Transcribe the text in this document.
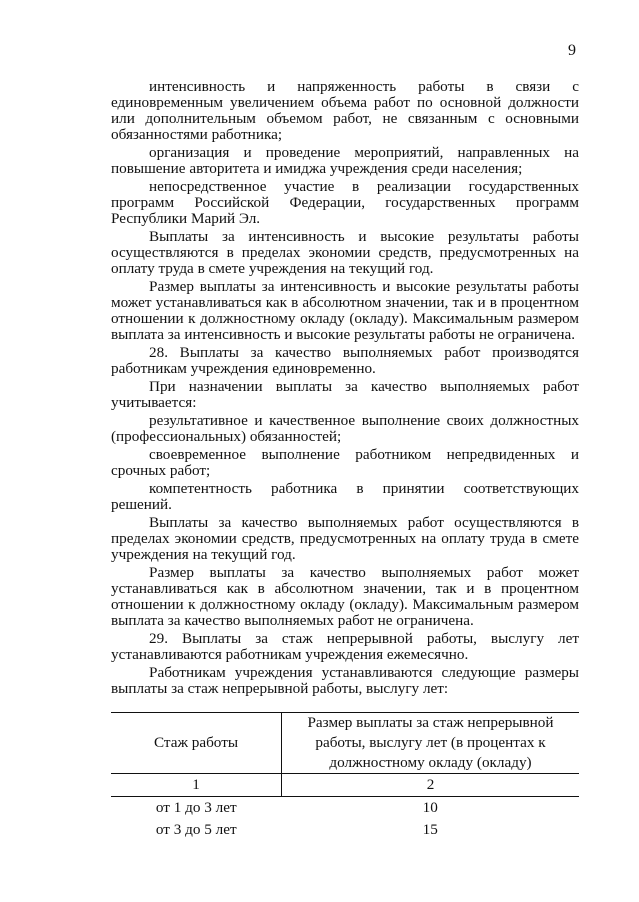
9

интенсивность и напряженность работы в связи с единовременным увеличением объема работ по основной должности или дополнительным объемом работ, не связанным с основными обязанностями работника;

организация и проведение мероприятий, направленных на повышение авторитета и имиджа учреждения среди населения;

непосредственное участие в реализации государственных программ Российской Федерации, государственных программ Республики Марий Эл.

Выплаты за интенсивность и высокие результаты работы осуществляются в пределах экономии средств, предусмотренных на оплату труда в смете учреждения на текущий год.

Размер выплаты за интенсивность и высокие результаты работы может устанавливаться как в абсолютном значении, так и в процентном отношении к должностному окладу (окладу). Максимальным размером выплата за интенсивность и высокие результаты работы не ограничена.

28. Выплаты за качество выполняемых работ производятся работникам учреждения единовременно.

При назначении выплаты за качество выполняемых работ учитывается:

результативное и качественное выполнение своих должностных (профессиональных) обязанностей;

своевременное выполнение работником непредвиденных и срочных работ;

компетентность работника в принятии соответствующих решений.

Выплаты за качество выполняемых работ осуществляются в пределах экономии средств, предусмотренных на оплату труда в смете учреждения на текущий год.

Размер выплаты за качество выполняемых работ может устанавливаться как в абсолютном значении, так и в процентном отношении к должностному окладу (окладу). Максимальным размером выплата за качество выполняемых работ не ограничена.

29. Выплаты за стаж непрерывной работы, выслугу лет устанавливаются работникам учреждения ежемесячно.

Работникам учреждения устанавливаются следующие размеры выплаты за стаж непрерывной работы, выслугу лет:

Стаж работы	Размер выплаты за стаж непрерывной работы, выслугу лет (в процентах к должностному окладу (окладу)
1	2
от 1 до 3 лет	10
от 3 до 5 лет	15
